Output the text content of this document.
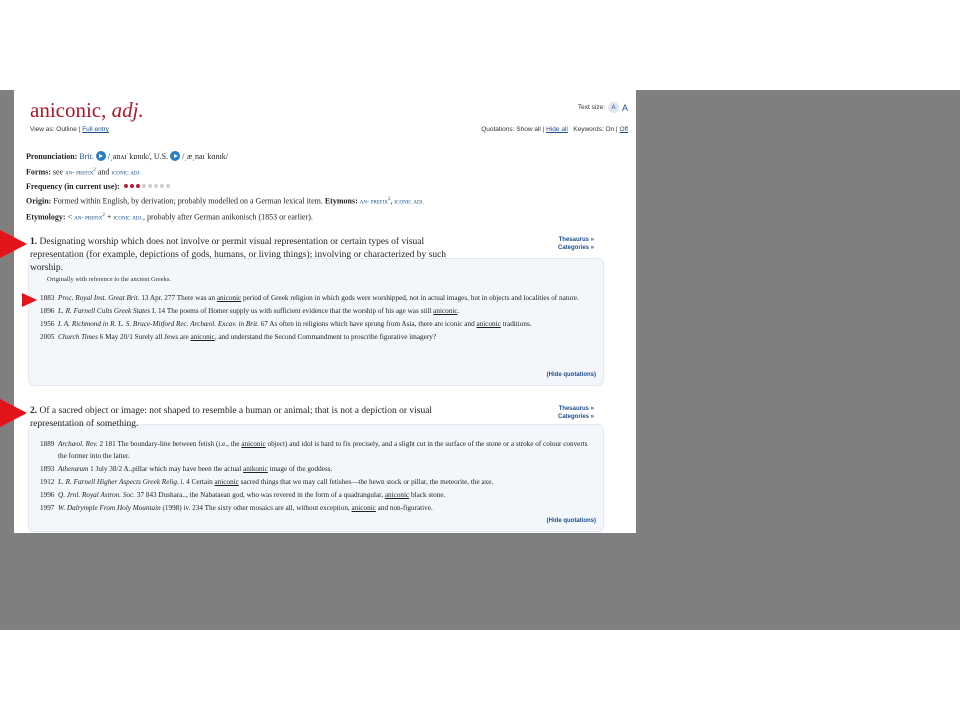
aniconic, adj.
View as: Outline | Full entry
Text size:	A A
Quotations: Show all | Hide all Keywords: On | Off
Pronunciation: Brit. /ˌanʌɪˈkɒnɪk/, U.S. /ˌæˌnaɪˈkɑnɪk/
Forms: see an- prefix$^2$ and iconic adj.
Frequency (in current use):
Origin: Formed within English, by derivation; probably modelled on a German lexical item. Etymons: an- prefix$^2$, iconic adj.
Etymology: < an- prefix$^2$ + iconic adj., probably after German anikonisch (1853 or earlier).
1. Designating worship which does not involve or permit visual representation or certain types of visual representation (for example, depictions of gods, humans, or living things); involving or characterized by such worship.
Thesaurus »
Categories »
Originally with reference to the ancient Greeks.
1883 Proc. Royal Inst. Great Brit. 13 Apr. 277 There was an aniconic period of Greek religion in which gods were worshipped, not in actual images, but in objects and localities of nature.
1896 L. R. Farnell Cults Greek States I. 14 The poems of Homer supply us with sufficient evidence that the worship of his age was still aniconic.
1956 I. A. Richmond in R. L. S. Bruce-Mitford Rec. Archæol. Excav. in Brit. 67 As often in religions which have sprung from Asia, there are iconic and aniconic traditions.
2005 Church Times 6 May 20/1 Surely all Jews are aniconic, and understand the Second Commandment to proscribe figurative imagery?
(Hide quotations)
2. Of a sacred object or image: not shaped to resemble a human or animal; that is not a depiction or visual representation of something.
Thesaurus »
Categories »
1889 Archæol. Rev. 2 181 The boundary-line between fetish (i.e., the aniconic object) and idol is hard to fix precisely, and a slight cut in the surface of the stone or a stroke of colour converts the former into the latter.
1893 Athenæum 1 July 38/2 A..pillar which may have been the actual anikonic image of the goddess.
1912 L. R. Farnell Higher Aspects Greek Relig. i. 4 Certain aniconic sacred things that we may call fetishes—the hewn stock or pillar, the meteorite, the axe.
1996 Q. Jrnl. Royal Astron. Soc. 37 843 Dushara.., the Nabataean god, who was revered in the form of a quadrangular, aniconic black stone.
1997 W. Dalrymple From Holy Mountain (1998) iv. 234 The sixty other mosaics are all, without exception, aniconic and non-figurative.
(Hide quotations)
